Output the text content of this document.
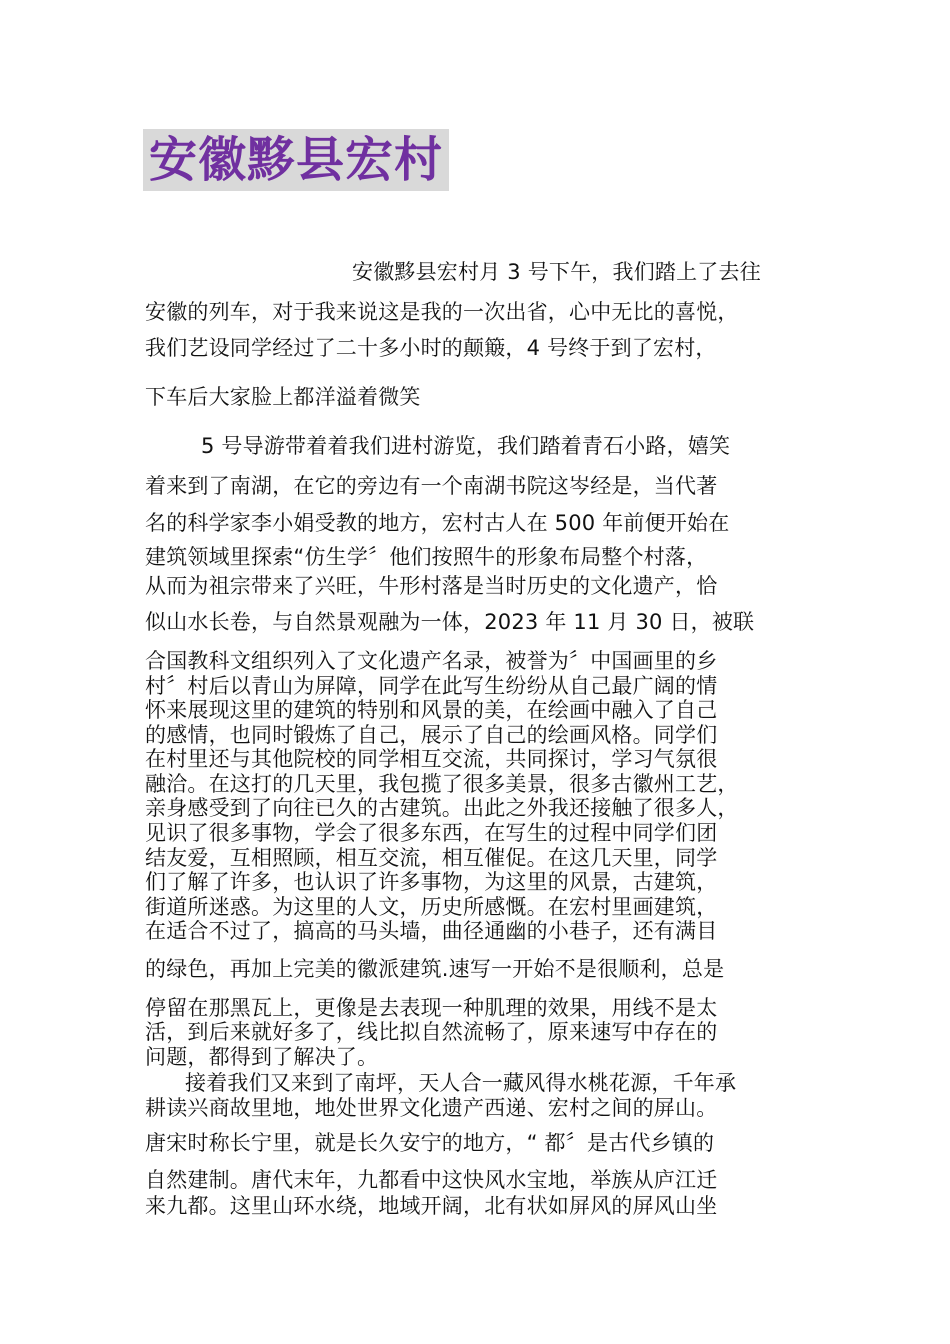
安徽黟县宏村
安徽黟县宏村月 3 号下午，我们踏上了去往
安徽的列车，对于我来说这是我的一次出省，心中无比的喜悦，
我们艺设同学经过了二十多小时的颠簸，4 号终于到了宏村，
下车后大家脸上都洋溢着微笑
5 号导游带着着我们进村游览，我们踏着青石小路，嬉笑
着来到了南湖，在它的旁边有一个南湖书院这岑经是，当代著
名的科学家李小娟受教的地方，宏村古人在 500 年前便开始在
建筑领域里探索“仿生学〞他们按照牛的形象布局整个村落，
从而为祖宗带来了兴旺，牛形村落是当时历史的文化遗产，恰
似山水长卷，与自然景观融为一体，2023 年 11 月 30 日，被联
合国教科文组织列入了文化遗产名录，被誉为〞中国画里的乡
村〞村后以青山为屏障，同学在此写生纷纷从自己最广阔的情
怀来展现这里的建筑的特别和风景的美，在绘画中融入了自己
的感情，也同时锻炼了自己，展示了自己的绘画风格。同学们
在村里还与其他院校的同学相互交流，共同探讨，学习气氛很
融洽。在这打的几天里，我包揽了很多美景，很多古徽州工艺，
亲身感受到了向往已久的古建筑。出此之外我还接触了很多人，
见识了很多事物，学会了很多东西，在写生的过程中同学们团
结友爱，互相照顾，相互交流，相互催促。在这几天里，同学
们了解了许多，也认识了许多事物，为这里的风景，古建筑，
街道所迷惑。为这里的人文，历史所感慨。在宏村里画建筑，
在适合不过了，搞高的马头墙，曲径通幽的小巷子，还有满目
的绿色，再加上完美的徽派建筑.速写一开始不是很顺利，总是
停留在那黑瓦上，更像是去表现一种肌理的效果，用线不是太
活，到后来就好多了，线比拟自然流畅了，原来速写中存在的
问题，都得到了解决了。
接着我们又来到了南坪，天人合一藏风得水桃花源，千年承
耕读兴商故里地，地处世界文化遗产西递、宏村之间的屏山。
唐宋时称长宁里，就是长久安宁的地方，“ 都〞是古代乡镇的
自然建制。唐代末年，九都看中这快风水宝地，举族从庐江迁
来九都。这里山环水绕，地域开阔，北有状如屏风的屏风山坐
